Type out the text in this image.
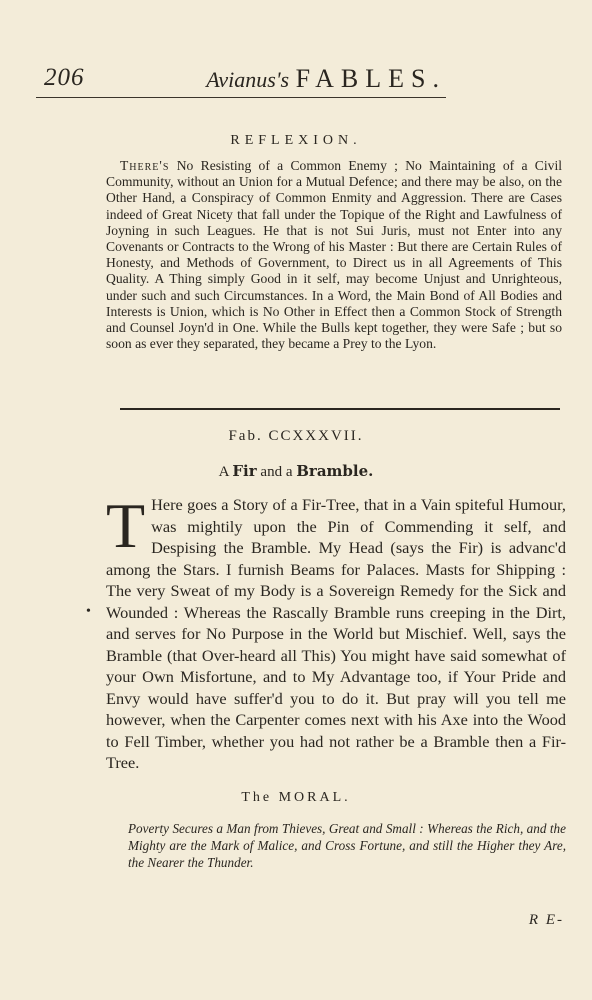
206	Avianus's FABLES.
REFLEXION.

There's No Resisting of a Common Enemy ; No Maintaining of a Civil Community, without an Union for a Mutual Defence; and there may be also, on the Other Hand, a Conspiracy of Common Enmity and Aggression. There are Cases indeed of Great Nicety that fall under the Topique of the Right and Lawfulness of Joyning in such Leagues. He that is not Sui Juris, must not Enter into any Covenants or Contracts to the Wrong of his Master : But there are Certain Rules of Honesty, and Methods of Government, to Direct us in all Agreements of This Quality. A Thing simply Good in it self, may become Unjust and Unrighteous, under such and such Circumstances. In a Word, the Main Bond of All Bodies and Interests is Union, which is No Other in Effect then a Common Stock of Strength and Counsel Joyn'd in One. While the Bulls kept together, they were Safe ; but so soon as ever they separated, they became a Prey to the Lyon.

Fab. CCXXXVII.
A Fir and a Bramble.
•

T Here goes a Story of a Fir-Tree, that in a Vain spiteful Humour, was mightily upon the Pin of Commending it self, and Despising the Bramble. My Head (says the Fir) is advanc'd among the Stars. I furnish Beams for Palaces. Masts for Shipping : The very Sweat of my Body is a Sovereign Remedy for the Sick and Wounded : Whereas the Rascally Bramble runs creeping in the Dirt, and serves for No Purpose in the World but Mischief. Well, says the Bramble (that Over-heard all This) You might have said somewhat of your Own Misfortune, and to My Advantage too, if Your Pride and Envy would have suffer'd you to do it. But pray will you tell me however, when the Carpenter comes next with his Axe into the Wood to Fell Timber, whether you had not rather be a Bramble then a Fir-Tree.

The MORAL.

Poverty Secures a Man from Thieves, Great and Small : Whereas the Rich, and the Mighty are the Mark of Malice, and Cross Fortune, and still the Higher they Are, the Nearer the Thunder.

R E-
